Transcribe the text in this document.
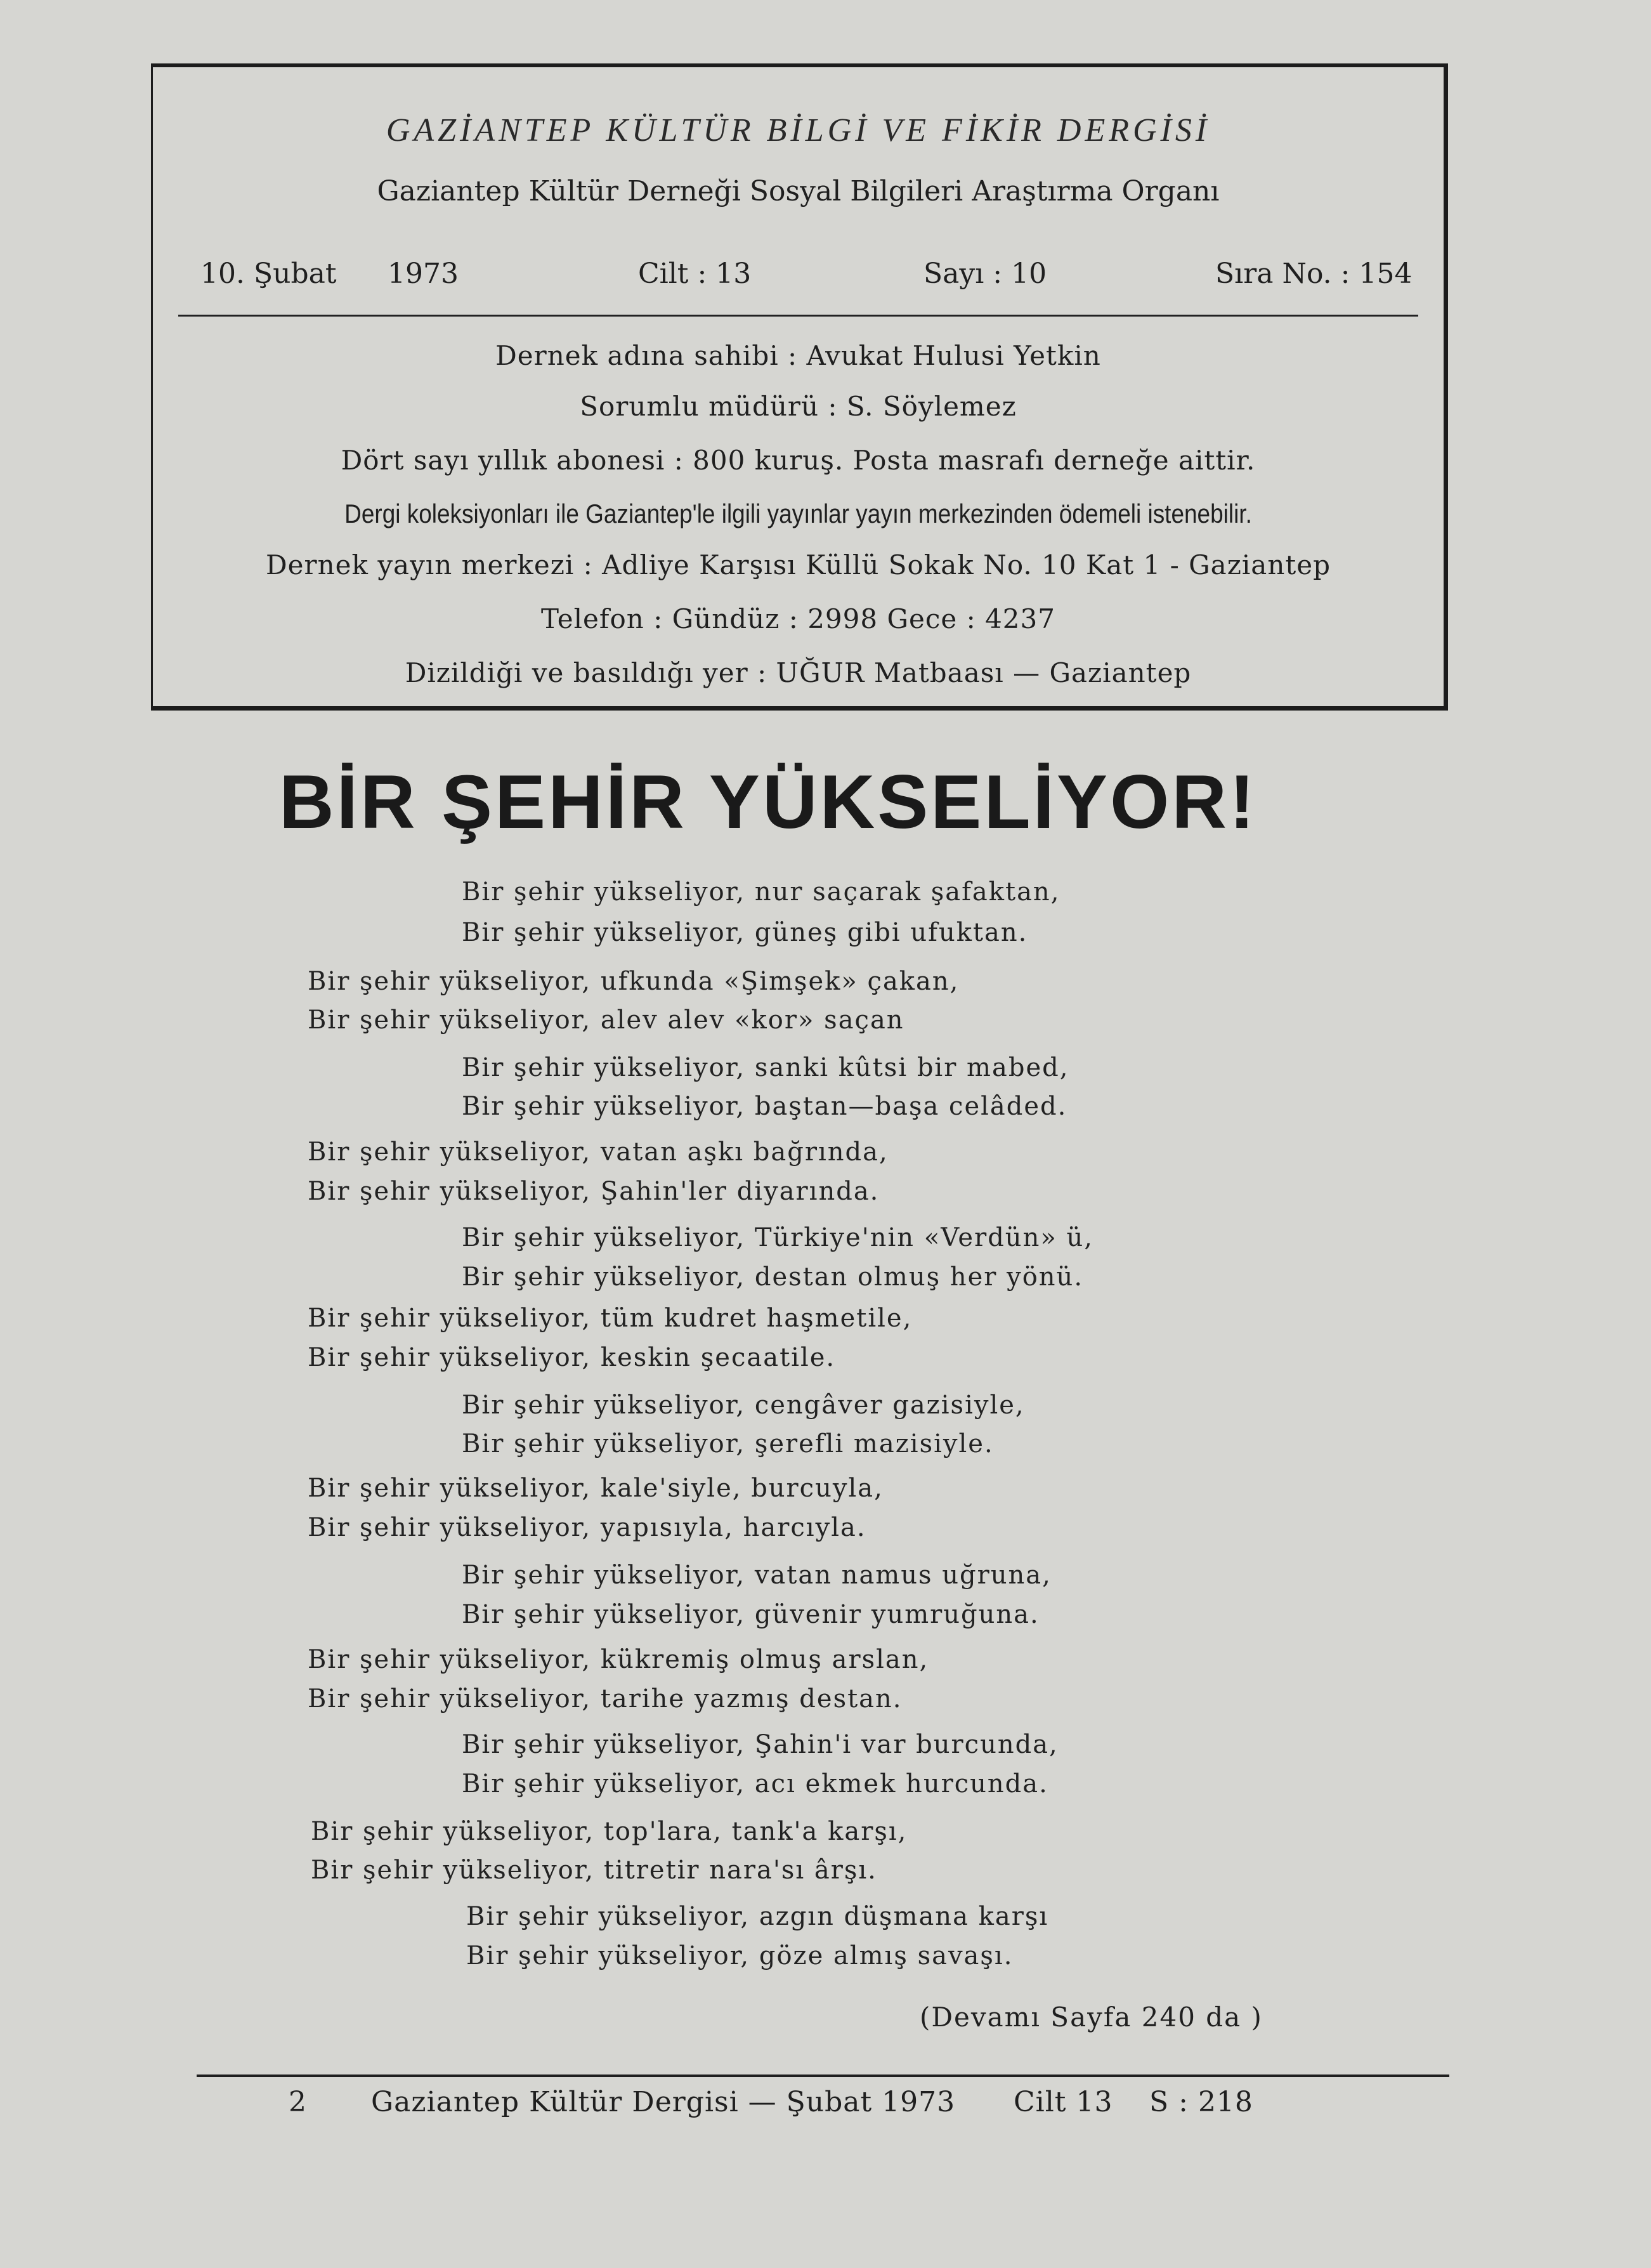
GAZİANTEP KÜLTÜR BİLGİ VE FİKİR DERGİSİ
Gaziantep Kültür Derneği Sosyal Bilgileri Araştırma Organı
10. Şubat 1973	Cilt : 13	Sayı : 10	Sıra No. : 154
Dernek adına sahibi : Avukat Hulusi Yetkin
Sorumlu müdürü : S. Söylemez
Dört sayı yıllık abonesi : 800 kuruş. Posta masrafı derneğe aittir.
Dergi koleksiyonları ile Gaziantep'le ilgili yayınlar yayın merkezinden ödemeli istenebilir.
Dernek yayın merkezi : Adliye Karşısı Küllü Sokak No. 10 Kat 1 - Gaziantep
Telefon : Gündüz : 2998 Gece : 4237
Dizildiği ve basıldığı yer : UĞUR Matbaası — Gaziantep
BİR ŞEHİR YÜKSELİYOR!
Bir şehir yükseliyor, nur saçarak şafaktan,
Bir şehir yükseliyor, güneş gibi ufuktan.
Bir şehir yükseliyor, ufkunda «Şimşek» çakan,
Bir şehir yükseliyor, alev alev «kor» saçan
Bir şehir yükseliyor, sanki kûtsi bir mabed,
Bir şehir yükseliyor, baştan—başa celâded.
Bir şehir yükseliyor, vatan aşkı bağrında,
Bir şehir yükseliyor, Şahin'ler diyarında.
Bir şehir yükseliyor, Türkiye'nin «Verdün» ü,
Bir şehir yükseliyor, destan olmuş her yönü.
Bir şehir yükseliyor, tüm kudret haşmetile,
Bir şehir yükseliyor, keskin şecaatile.
Bir şehir yükseliyor, cengâver gazisiyle,
Bir şehir yükseliyor, şerefli mazisiyle.
Bir şehir yükseliyor, kale'siyle, burcuyla,
Bir şehir yükseliyor, yapısıyla, harcıyla.
Bir şehir yükseliyor, vatan namus uğruna,
Bir şehir yükseliyor, güvenir yumruğuna.
Bir şehir yükseliyor, kükremiş olmuş arslan,
Bir şehir yükseliyor, tarihe yazmış destan.
Bir şehir yükseliyor, Şahin'i var burcunda,
Bir şehir yükseliyor, acı ekmek hurcunda.
Bir şehir yükseliyor, top'lara, tank'a karşı,
Bir şehir yükseliyor, titretir nara'sı ârşı.
Bir şehir yükseliyor, azgın düşmana karşı
Bir şehir yükseliyor, göze almış savaşı.
(Devamı Sayfa 240 da )
2 Gaziantep Kültür Dergisi — Şubat 1973 Cilt 13 S : 218
